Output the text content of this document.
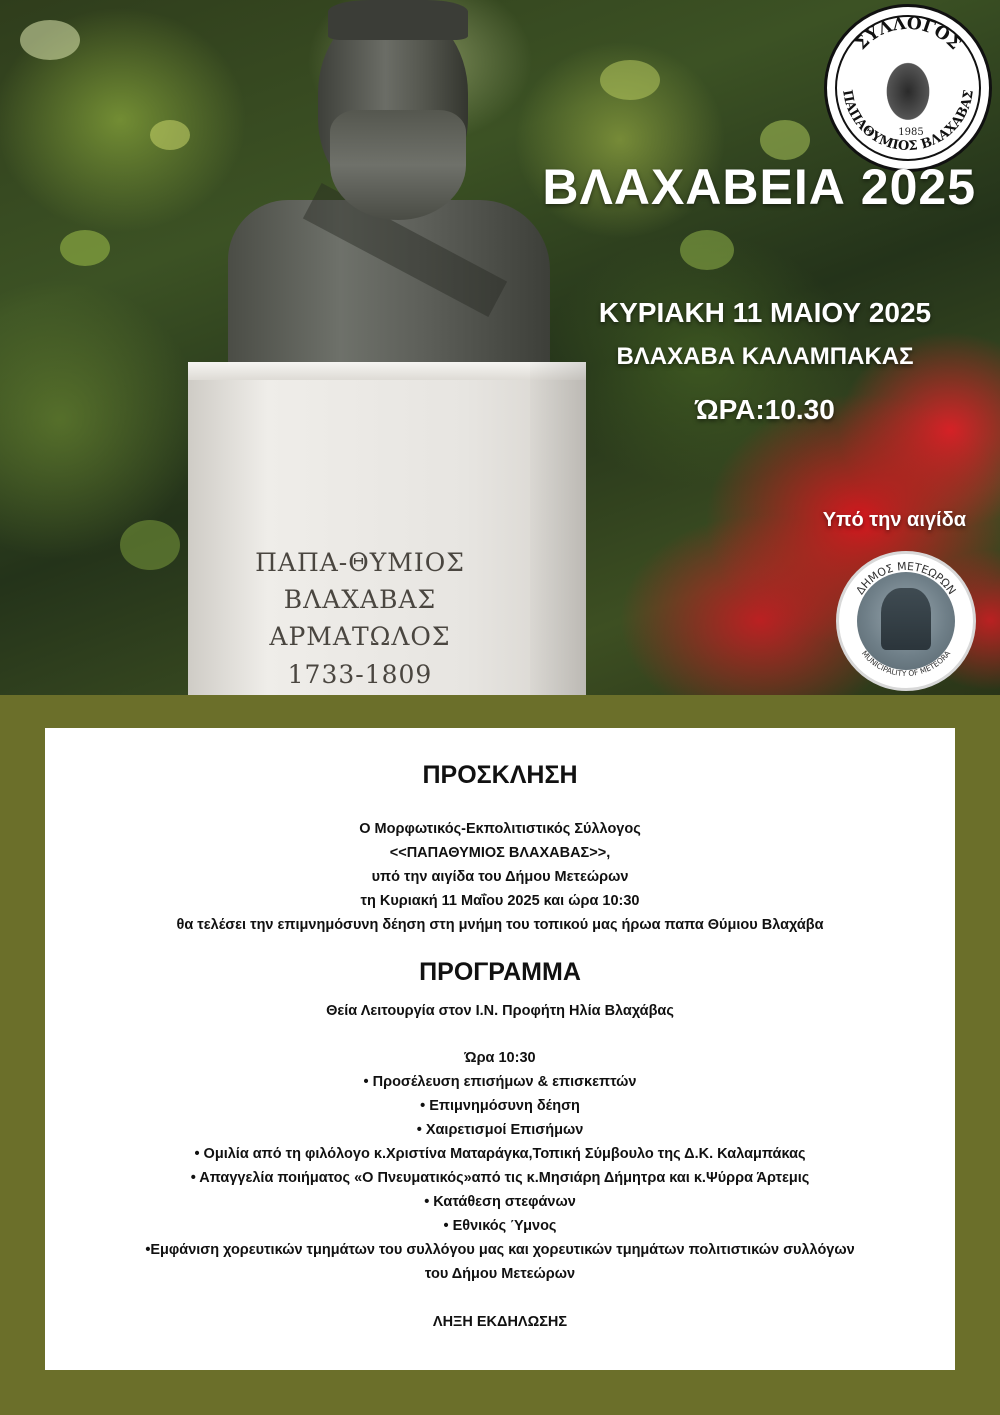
ΠΑΠΑ-ΘΥΜΙΟΣ
ΒΛΑΧΑΒΑΣ
ΑΡΜΑΤΩΛΟΣ
1733-1809
ΣΥΛΛΟΓΟΣ
ΠΑΠΑΘΥΜΙΟΣ ΒΛΑΧΑΒΑΣ
1985
ΒΛΑΧΑΒΕΙΑ 2025
ΚΥΡΙΑΚΗ 11 ΜΑΙΟΥ 2025
ΒΛΑΧΑΒΑ ΚΑΛΑΜΠΑΚΑΣ
ΏΡΑ:10.30
Υπό την αιγίδα
ΔΗΜΟΣ ΜΕΤΕΩΡΩΝ
MUNICIPALITY OF METEORA
ΠΡΟΣΚΛΗΣΗ
Ο Μορφωτικός-Εκπολιτιστικός Σύλλογος
<<ΠΑΠΑΘΥΜΙΟΣ ΒΛΑΧΑΒΑΣ>>,
υπό την αιγίδα του Δήμου Μετεώρων
τη Κυριακή 11 Μαΐου 2025 και ώρα 10:30
θα τελέσει την επιμνημόσυνη δέηση στη μνήμη του τοπικού μας ήρωα παπα Θύμιου Βλαχάβα
ΠΡΟΓΡΑΜΜΑ
Θεία Λειτουργία στον Ι.Ν. Προφήτη Ηλία Βλαχάβας
Ώρα 10:30
• Προσέλευση επισήμων & επισκεπτών
• Επιμνημόσυνη δέηση
• Χαιρετισμοί Επισήμων
• Ομιλία από τη φιλόλογο κ.Χριστίνα Ματαράγκα,Τοπική Σύμβουλο της Δ.Κ. Καλαμπάκας
• Απαγγελία ποιήματος «Ο Πνευματικός»από τις κ.Μησιάρη Δήμητρα και κ.Ψύρρα Άρτεμις
• Κατάθεση στεφάνων
• Εθνικός Ύμνος
•Εμφάνιση χορευτικών τμημάτων του συλλόγου μας και χορευτικών τμημάτων πολιτιστικών συλλόγων
του Δήμου Μετεώρων
ΛΗΞΗ ΕΚΔΗΛΩΣΗΣ
